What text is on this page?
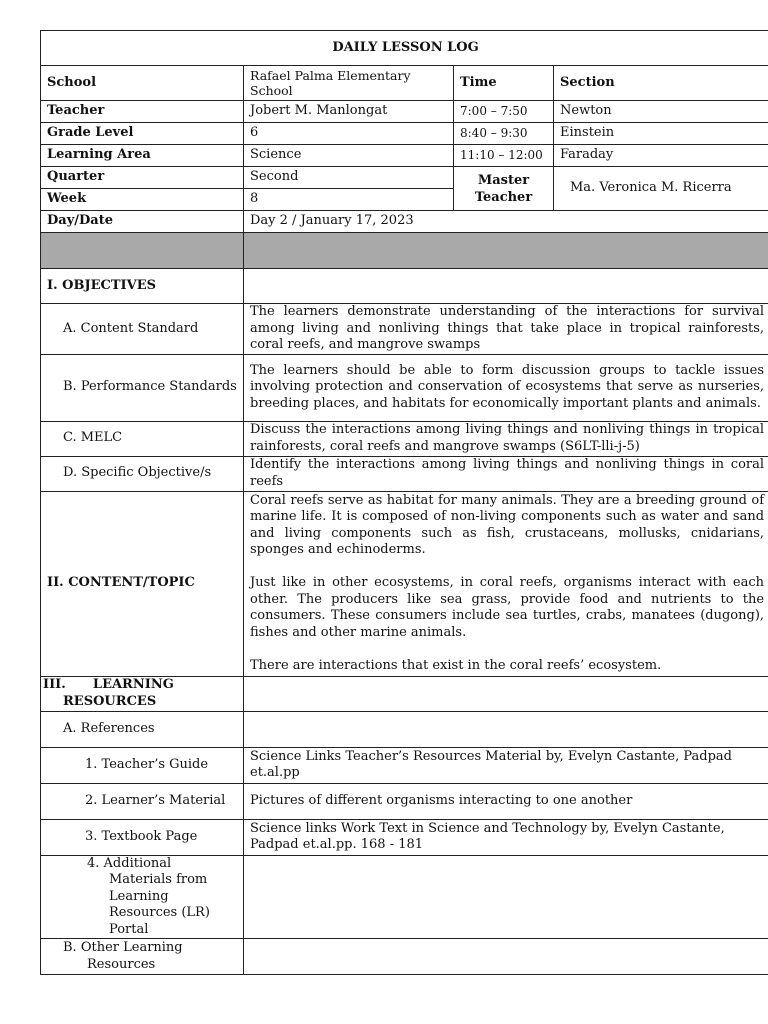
DAILY LESSON LOG			
School	Rafael Palma Elementary School	Time	Section
Teacher	Jobert M. Manlongat	7:00 – 7:50	Newton
Grade Level	6	8:40 – 9:30	Einstein
Learning Area	Science	11:10 – 12:00	Faraday
Quarter	Second	Master Teacher	Ma. Veronica M. Ricerra
Week	8		
Day/Date	Day 2 / January 17, 2023		

I. OBJECTIVES			
A. Content Standard	The learners demonstrate understanding of the interactions for survival among living and nonliving things that take place in tropical rainforests, coral reefs, and mangrove swamps		
B. Performance Standards	The learners should be able to form discussion groups to tackle issues involving protection and conservation of ecosystems that serve as nurseries, breeding places, and habitats for economically important plants and animals.		
C. MELC	Discuss the interactions among living things and nonliving things in tropical rainforests, coral reefs and mangrove swamps (S6LT-lli-j-5)		
D. Specific Objective/s	Identify the interactions among living things and nonliving things in coral reefs		
II. CONTENT/TOPIC	Coral reefs serve as habitat for many animals. They are a breeding ground of marine life. It is composed of non-living components such as water and sand and living components such as fish, crustaceans, mollusks, cnidarians, sponges and echinoderms.
Just like in other ecosystems, in coral reefs, organisms interact with each other. The producers like sea grass, provide food and nutrients to the consumers. These consumers include sea turtles, crabs, manatees (dugong), fishes and other marine animals.
There are interactions that exist in the coral reefs’ ecosystem.		

III.      LEARNING RESOURCES			
A. References			
1. Teacher’s Guide	Science Links Teacher’s Resources Material by, Evelyn Castante, Padpad et.al.pp		
2. Learner’s Material	Pictures of different organisms interacting to one another		
3. Textbook Page	Science links Work Text in Science and Technology by, Evelyn Castante, Padpad et.al.pp. 168 - 181		
4. Additional Materials from Learning Resources (LR) Portal			
B. Other Learning Resources			
